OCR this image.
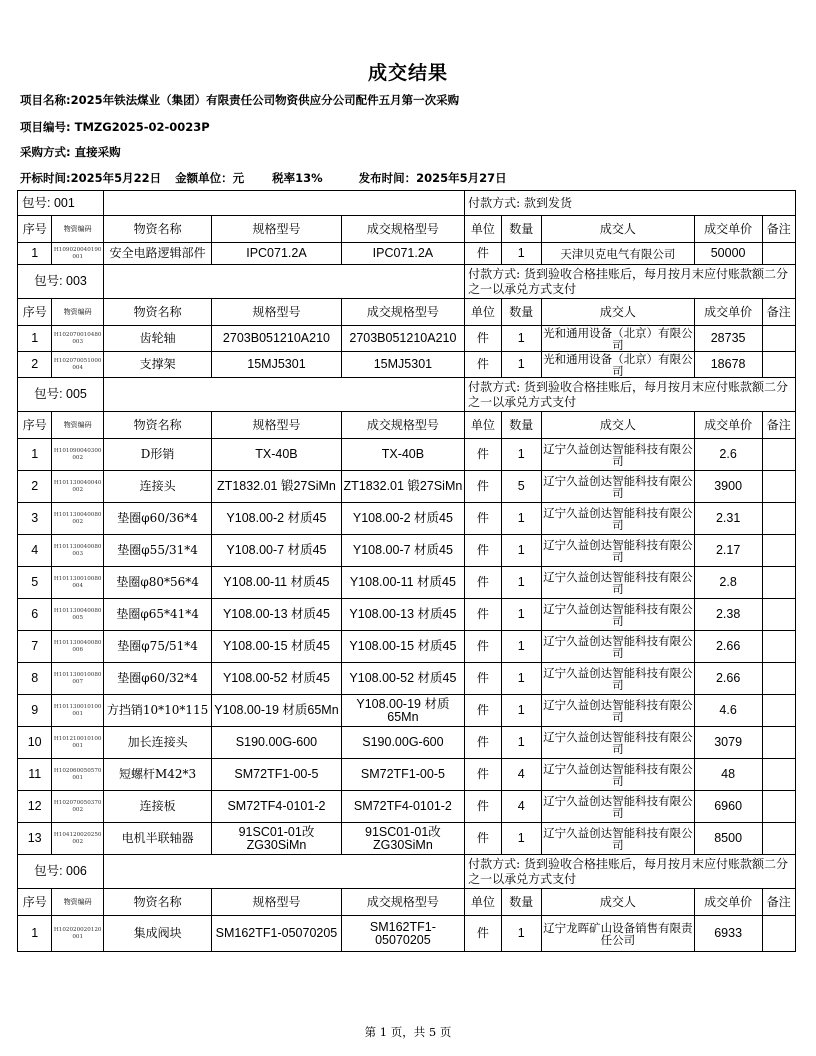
成交结果
项目名称:2025年铁法煤业（集团）有限责任公司物资供应分公司配件五月第一次采购
项目编号: TMZG2025-02-0023P
采购方式: 直接采购
开标时间:2025年5月22日 金额单位：元 税率13%	发布时间：2025年5月27日
包号: 001					付款方式: 款到发货				
序号	物资编码	物资名称	规格型号	成交规格型号	单位	数量	成交人	成交单价	备注
1	H109020040190001	安全电路逻辑部件	IPC071.2A	IPC071.2A	件	1	天津贝克电气有限公司	50000	
包号: 003					付款方式: 货到验收合格挂账后，每月按月末应付账款额二分之一以承兑方式支付				
序号	物资编码	物资名称	规格型号	成交规格型号	单位	数量	成交人	成交单价	备注
1	H102070010480003	齿轮轴	2703B051210A210	2703B051210A210	件	1	光和通用设备（北京）有限公司	28735	
2	H102070051000004	支撑架	15MJ5301	15MJ5301	件	1	光和通用设备（北京）有限公司	18678	
包号: 005					付款方式: 货到验收合格挂账后，每月按月末应付账款额二分之一以承兑方式支付				
序号	物资编码	物资名称	规格型号	成交规格型号	单位	数量	成交人	成交单价	备注
1	H101090040300002	D形销	TX-40B	TX-40B	件	1	辽宁久益创达智能科技有限公司	2.6	
2	H101130040040002	连接头	ZT1832.01 锻27SiMn	ZT1832.01 锻27SiMn	件	5	辽宁久益创达智能科技有限公司	3900	
3	H101130040080002	垫圈φ60/36*4	Y108.00-2 材质45	Y108.00-2 材质45	件	1	辽宁久益创达智能科技有限公司	2.31	
4	H101130040080003	垫圈φ55/31*4	Y108.00-7 材质45	Y108.00-7 材质45	件	1	辽宁久益创达智能科技有限公司	2.17	
5	H101130010080004	垫圈φ80*56*4	Y108.00-11 材质45	Y108.00-11 材质45	件	1	辽宁久益创达智能科技有限公司	2.8	
6	H101130040080005	垫圈φ65*41*4	Y108.00-13 材质45	Y108.00-13 材质45	件	1	辽宁久益创达智能科技有限公司	2.38	
7	H101130040080006	垫圈φ75/51*4	Y108.00-15 材质45	Y108.00-15 材质45	件	1	辽宁久益创达智能科技有限公司	2.66	
8	H101130010080007	垫圈φ60/32*4	Y108.00-52 材质45	Y108.00-52 材质45	件	1	辽宁久益创达智能科技有限公司	2.66	
9	H101130010100001	方挡销10*10*115	Y108.00-19 材质65Mn	Y108.00-19 材质65Mn	件	1	辽宁久益创达智能科技有限公司	4.6	
10	H101210010100001	加长连接头	S190.00G-600	S190.00G-600	件	1	辽宁久益创达智能科技有限公司	3079	
11	H102060050570001	短螺杆M42*3	SM72TF1-00-5	SM72TF1-00-5	件	4	辽宁久益创达智能科技有限公司	48	
12	H102070050370002	连接板	SM72TF4-0101-2	SM72TF4-0101-2	件	4	辽宁久益创达智能科技有限公司	6960	
13	H104120020250002	电机半联轴器	91SC01-01改ZG30SiMn	91SC01-01改ZG30SiMn	件	1	辽宁久益创达智能科技有限公司	8500	
包号: 006					付款方式: 货到验收合格挂账后，每月按月末应付账款额二分之一以承兑方式支付				
序号	物资编码	物资名称	规格型号	成交规格型号	单位	数量	成交人	成交单价	备注
1	H102020020120001	集成阀块	SM162TF1-05070205	SM162TF1-05070205	件	1	辽宁龙晖矿山设备销售有限责任公司	6933	
第 1 页，共 5 页
